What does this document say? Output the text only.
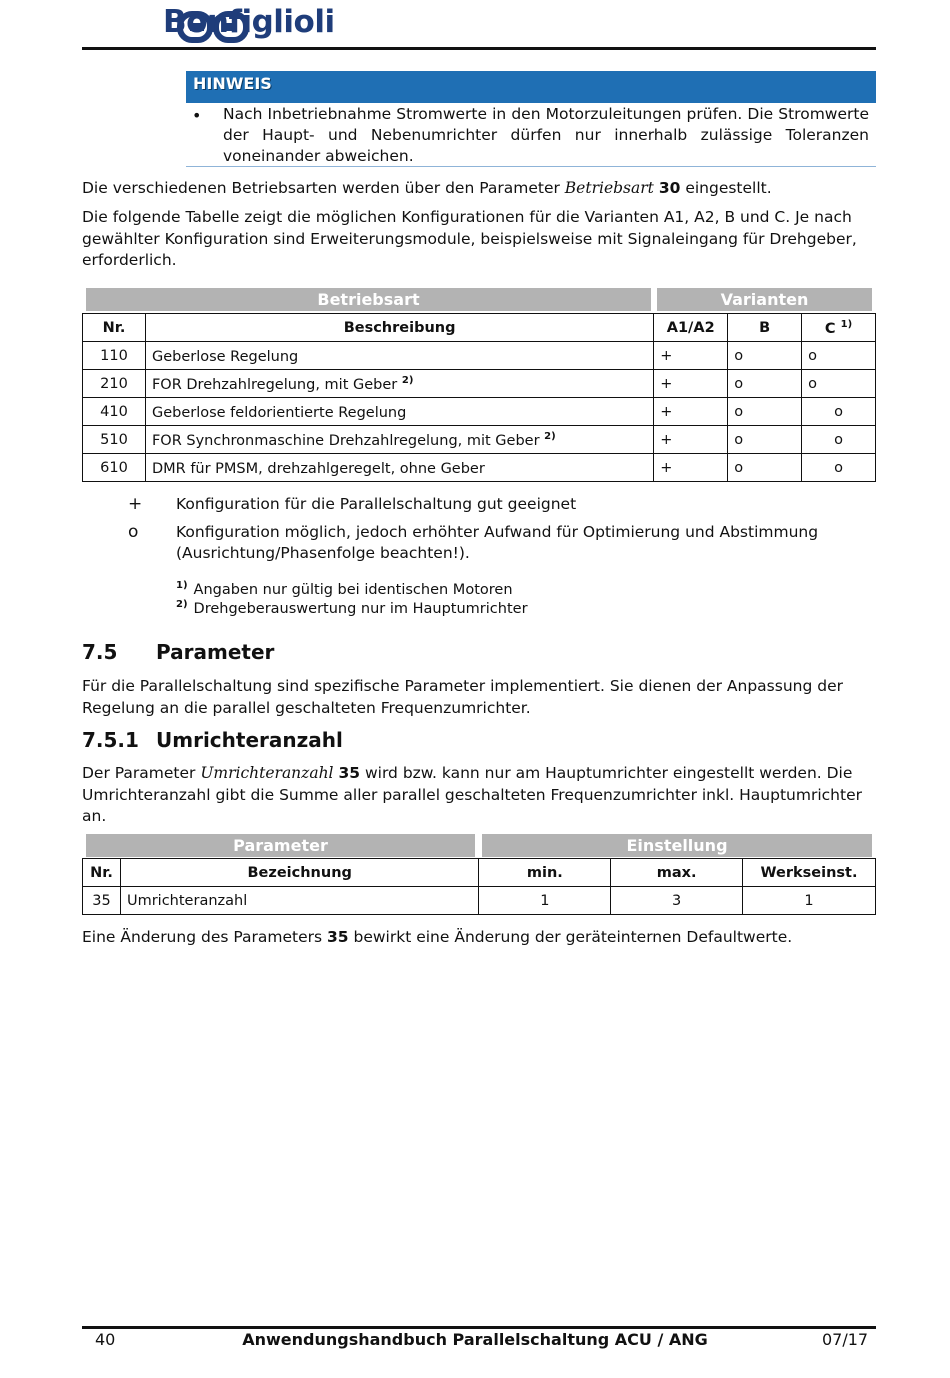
Bonfiglioli
HINWEIS
• Nach Inbetriebnahme Stromwerte in den Motorzuleitungen prüfen. Die Stromwerte der Haupt- und Nebenumrichter dürfen nur innerhalb zulässige Toleranzen voneinander abweichen.
Die verschiedenen Betriebsarten werden über den Parameter Betriebsart 30 eingestellt.
Die folgende Tabelle zeigt die möglichen Konfigurationen für die Varianten A1, A2, B und C. Je nach gewählter Konfiguration sind Erweiterungsmodule, beispielsweise mit Signaleingang für Drehgeber, erforderlich.
Betriebsart	Varianten
Nr.	Beschreibung	A1/A2	B	C $^{1)}$
110	Geberlose Regelung	+	o	o
210	FOR Drehzahlregelung, mit Geber $^{2)}$	+	o	o
410	Geberlose feldorientierte Regelung	+	o	o
510	FOR Synchronmaschine Drehzahlregelung, mit Geber $^{2)}$	+	o	o
610	DMR für PMSM, drehzahlgeregelt, ohne Geber	+	o	o
+ Konfiguration für die Parallelschaltung gut geeignet
o Konfiguration möglich, jedoch erhöhter Aufwand für Optimierung und Abstimmung (Ausrichtung/Phasenfolge beachten!).
$^{1)}$ Angaben nur gültig bei identischen Motoren
$^{2)}$ Drehgeberauswertung nur im Hauptumrichter
7.5 Parameter
Für die Parallelschaltung sind spezifische Parameter implementiert. Sie dienen der Anpassung der Regelung an die parallel geschalteten Frequenzumrichter.
7.5.1 Umrichteranzahl
Der Parameter Umrichteranzahl 35 wird bzw. kann nur am Hauptumrichter eingestellt werden. Die Umrichteranzahl gibt die Summe aller parallel geschalteten Frequenzumrichter inkl. Hauptumrichter an.
Parameter	Einstellung
Nr.	Bezeichnung	min.	max.	Werkseinst.
35	Umrichteranzahl	1	3	1
Eine Änderung des Parameters 35 bewirkt eine Änderung der geräteinternen Defaultwerte.
40	Anwendungshandbuch Parallelschaltung ACU / ANG	07/17
